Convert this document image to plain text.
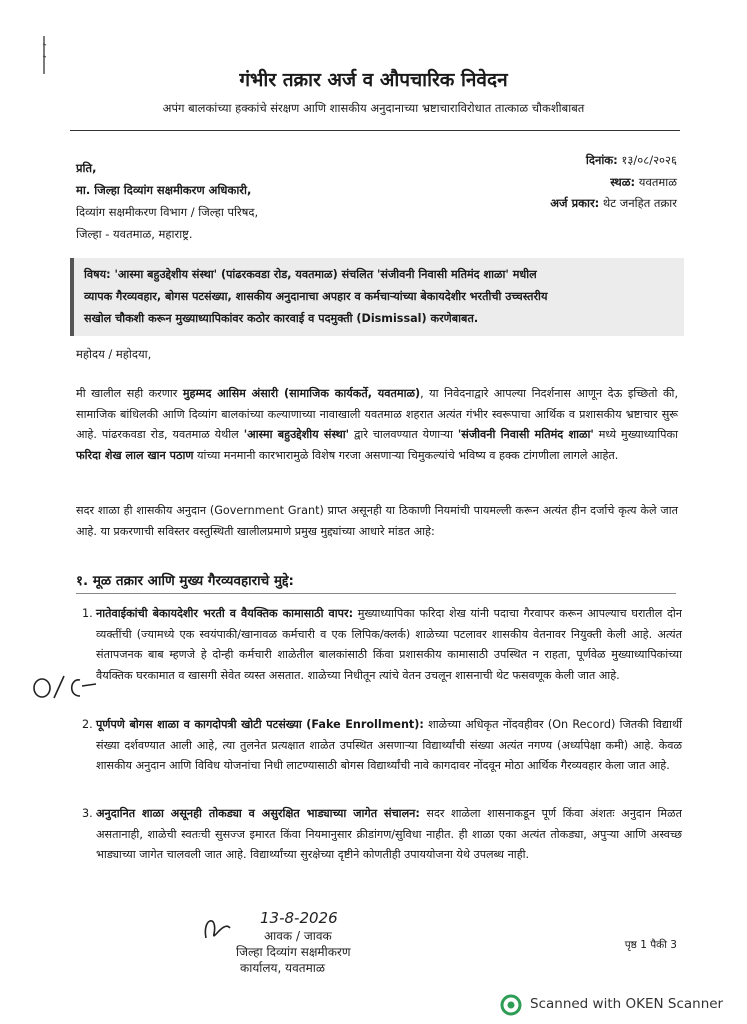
गंभीर तक्रार अर्ज व औपचारिक निवेदन
अपंग बालकांच्या हक्कांचे संरक्षण आणि शासकीय अनुदानाच्या भ्रष्टाचाराविरोधात तात्काळ चौकशीबाबत
प्रति,
मा. जिल्हा दिव्यांग सक्षमीकरण अधिकारी,
दिव्यांग सक्षमीकरण विभाग / जिल्हा परिषद,
जिल्हा - यवतमाळ, महाराष्ट्र.
दिनांक: १३/०८/२०२६
स्थळ: यवतमाळ
अर्ज प्रकार: थेट जनहित तक्रार
विषय: 'आस्मा बहुउद्देशीय संस्था' (पांढरकवडा रोड, यवतमाळ) संचलित 'संजीवनी निवासी मतिमंद शाळा' मधील
व्यापक गैरव्यवहार, बोगस पटसंख्या, शासकीय अनुदानाचा अपहार व कर्मचाऱ्यांच्या बेकायदेशीर भरतीची उच्चस्तरीय
सखोल चौकशी करून मुख्याध्यापिकांवर कठोर कारवाई व पदमुक्ती (Dismissal) करणेबाबत.
महोदय / महोदया,
मी खालील सही करणार मुहम्मद आसिम अंसारी (सामाजिक कार्यकर्ते, यवतमाळ), या निवेदनाद्वारे आपल्या निदर्शनास आणून देऊ इच्छितो की, सामाजिक बांधिलकी आणि दिव्यांग बालकांच्या कल्याणाच्या नावाखाली यवतमाळ शहरात अत्यंत गंभीर स्वरूपाचा आर्थिक व प्रशासकीय भ्रष्टाचार सुरू आहे. पांढरकवडा रोड, यवतमाळ येथील 'आस्मा बहुउद्देशीय संस्था' द्वारे चालवण्यात येणाऱ्या 'संजीवनी निवासी मतिमंद शाळा' मध्ये मुख्याध्यापिका फरिदा शेख लाल खान पठाण यांच्या मनमानी कारभारामुळे विशेष गरजा असणाऱ्या चिमुकल्यांचे भविष्य व हक्क टांगणीला लागले आहेत.
सदर शाळा ही शासकीय अनुदान (Government Grant) प्राप्त असूनही या ठिकाणी नियमांची पायमल्ली करून अत्यंत हीन दर्जाचे कृत्य केले जात आहे. या प्रकरणाची सविस्तर वस्तुस्थिती खालीलप्रमाणे प्रमुख मुद्द्यांच्या आधारे मांडत आहे:
१. मूळ तक्रार आणि मुख्य गैरव्यवहाराचे मुद्दे:
1. नातेवाईकांची बेकायदेशीर भरती व वैयक्तिक कामासाठी वापर: मुख्याध्यापिका फरिदा शेख यांनी पदाचा गैरवापर करून आपल्याच घरातील दोन व्यक्तींची (ज्यामध्ये एक स्वयंपाकी/खानावळ कर्मचारी व एक लिपिक/क्लर्क) शाळेच्या पटलावर शासकीय वेतनावर नियुक्ती केली आहे. अत्यंत संतापजनक बाब म्हणजे हे दोन्ही कर्मचारी शाळेतील बालकांसाठी किंवा प्रशासकीय कामासाठी उपस्थित न राहता, पूर्णवेळ मुख्याध्यापिकांच्या वैयक्तिक घरकामात व खासगी सेवेत व्यस्त असतात. शाळेच्या निधीतून त्यांचे वेतन उचलून शासनाची थेट फसवणूक केली जात आहे.
2. पूर्णपणे बोगस शाळा व कागदोपत्री खोटी पटसंख्या (Fake Enrollment): शाळेच्या अधिकृत नोंदवहीवर (On Record) जितकी विद्यार्थी संख्या दर्शवण्यात आली आहे, त्या तुलनेत प्रत्यक्षात शाळेत उपस्थित असणाऱ्या विद्यार्थ्यांची संख्या अत्यंत नगण्य (अर्ध्यापेक्षा कमी) आहे. केवळ शासकीय अनुदान आणि विविध योजनांचा निधी लाटण्यासाठी बोगस विद्यार्थ्यांची नावे कागदावर नोंदवून मोठा आर्थिक गैरव्यवहार केला जात आहे.
3. अनुदानित शाळा असूनही तोकड्या व असुरक्षित भाड्याच्या जागेत संचालन: सदर शाळेला शासनाकडून पूर्ण किंवा अंशतः अनुदान मिळत असतानाही, शाळेची स्वतःची सुसज्ज इमारत किंवा नियमानुसार क्रीडांगण/सुविधा नाहीत. ही शाळा एका अत्यंत तोकड्या, अपुऱ्या आणि अस्वच्छ भाड्याच्या जागेत चालवली जात आहे. विद्यार्थ्यांच्या सुरक्षेच्या दृष्टीने कोणतीही उपाययोजना येथे उपलब्ध नाही.
13-8-2026
आवक / जावक
जिल्हा दिव्यांग सक्षमीकरण
कार्यालय, यवतमाळ
पृष्ठ 1 पैकी 3
Scanned with OKEN Scanner
